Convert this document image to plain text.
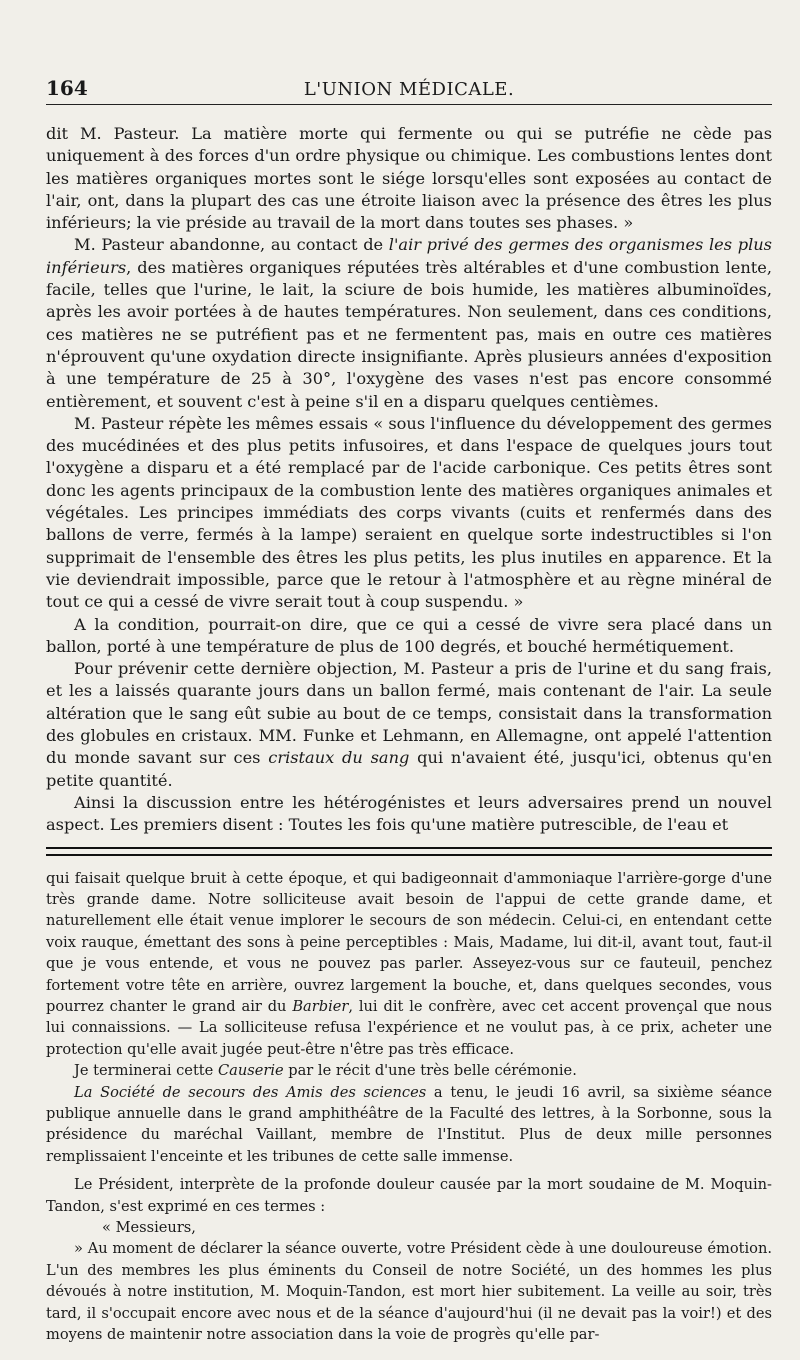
164	L'UNION MÉDICALE.

dit M. Pasteur. La matière morte qui fermente ou qui se putréfie ne cède pas uniquement à des forces d'un ordre physique ou chimique. Les combustions lentes dont les matières organiques mortes sont le siége lorsqu'elles sont exposées au contact de l'air, ont, dans la plupart des cas une étroite liaison avec la présence des êtres les plus inférieurs; la vie préside au travail de la mort dans toutes ses phases. »

M. Pasteur abandonne, au contact de l'air privé des germes des organismes les plus inférieurs, des matières organiques réputées très altérables et d'une combustion lente, facile, telles que l'urine, le lait, la sciure de bois humide, les matières albuminoïdes, après les avoir portées à de hautes températures. Non seulement, dans ces conditions, ces matières ne se putréfient pas et ne fermentent pas, mais en outre ces matières n'éprouvent qu'une oxydation directe insignifiante. Après plusieurs années d'exposition à une température de 25 à 30°, l'oxygène des vases n'est pas encore consommé entièrement, et souvent c'est à peine s'il en a disparu quelques centièmes.

M. Pasteur répète les mêmes essais « sous l'influence du développement des germes des mucédinées et des plus petits infusoires, et dans l'espace de quelques jours tout l'oxygène a disparu et a été remplacé par de l'acide carbonique. Ces petits êtres sont donc les agents principaux de la combustion lente des matières organiques animales et végétales. Les principes immédiats des corps vivants (cuits et renfermés dans des ballons de verre, fermés à la lampe) seraient en quelque sorte indestructibles si l'on supprimait de l'ensemble des êtres les plus petits, les plus inutiles en apparence. Et la vie deviendrait impossible, parce que le retour à l'atmosphère et au règne minéral de tout ce qui a cessé de vivre serait tout à coup suspendu. »

A la condition, pourrait-on dire, que ce qui a cessé de vivre sera placé dans un ballon, porté à une température de plus de 100 degrés, et bouché hermétiquement.

Pour prévenir cette dernière objection, M. Pasteur a pris de l'urine et du sang frais, et les a laissés quarante jours dans un ballon fermé, mais contenant de l'air. La seule altération que le sang eût subie au bout de ce temps, consistait dans la transformation des globules en cristaux. MM. Funke et Lehmann, en Allemagne, ont appelé l'attention du monde savant sur ces cristaux du sang qui n'avaient été, jusqu'ici, obtenus qu'en petite quantité.

Ainsi la discussion entre les hétérogénistes et leurs adversaires prend un nouvel aspect. Les premiers disent : Toutes les fois qu'une matière putrescible, de l'eau et

qui faisait quelque bruit à cette époque, et qui badigeonnait d'ammoniaque l'arrière-gorge d'une très grande dame. Notre solliciteuse avait besoin de l'appui de cette grande dame, et naturellement elle était venue implorer le secours de son médecin. Celui-ci, en entendant cette voix rauque, émettant des sons à peine perceptibles : Mais, Madame, lui dit-il, avant tout, faut-il que je vous entende, et vous ne pouvez pas parler. Asseyez-vous sur ce fauteuil, penchez fortement votre tête en arrière, ouvrez largement la bouche, et, dans quelques secondes, vous pourrez chanter le grand air du Barbier, lui dit le confrère, avec cet accent provençal que nous lui connaissions. — La solliciteuse refusa l'expérience et ne voulut pas, à ce prix, acheter une protection qu'elle avait jugée peut-être n'être pas très efficace.

Je terminerai cette Causerie par le récit d'une très belle cérémonie.

La Société de secours des Amis des sciences a tenu, le jeudi 16 avril, sa sixième séance publique annuelle dans le grand amphithéâtre de la Faculté des lettres, à la Sorbonne, sous la présidence du maréchal Vaillant, membre de l'Institut. Plus de deux mille personnes remplissaient l'enceinte et les tribunes de cette salle immense.

Le Président, interprète de la profonde douleur causée par la mort soudaine de M. Moquin-Tandon, s'est exprimé en ces termes :

« Messieurs,

» Au moment de déclarer la séance ouverte, votre Président cède à une douloureuse émotion. L'un des membres les plus éminents du Conseil de notre Société, un des hommes les plus dévoués à notre institution, M. Moquin-Tandon, est mort hier subitement. La veille au soir, très tard, il s'occupait encore avec nous et de la séance d'aujourd'hui (il ne devait pas la voir!) et des moyens de maintenir notre association dans la voie de progrès qu'elle par-
